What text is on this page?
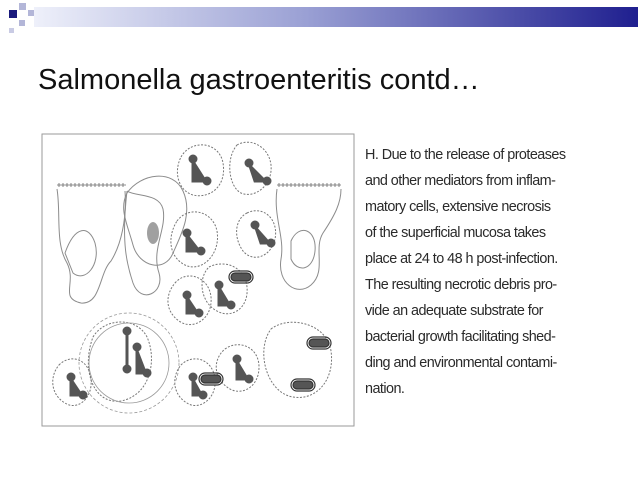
Salmonella gastroenteritis contd…
H. Due to the release of proteases
and other mediators from inflam-
matory cells, extensive necrosis
of the superficial mucosa takes
place at 24 to 48 h post-infection.
The resulting necrotic debris pro-
vide an adequate substrate for
bacterial growth facilitating shed-
ding and environmental contami-
nation.
